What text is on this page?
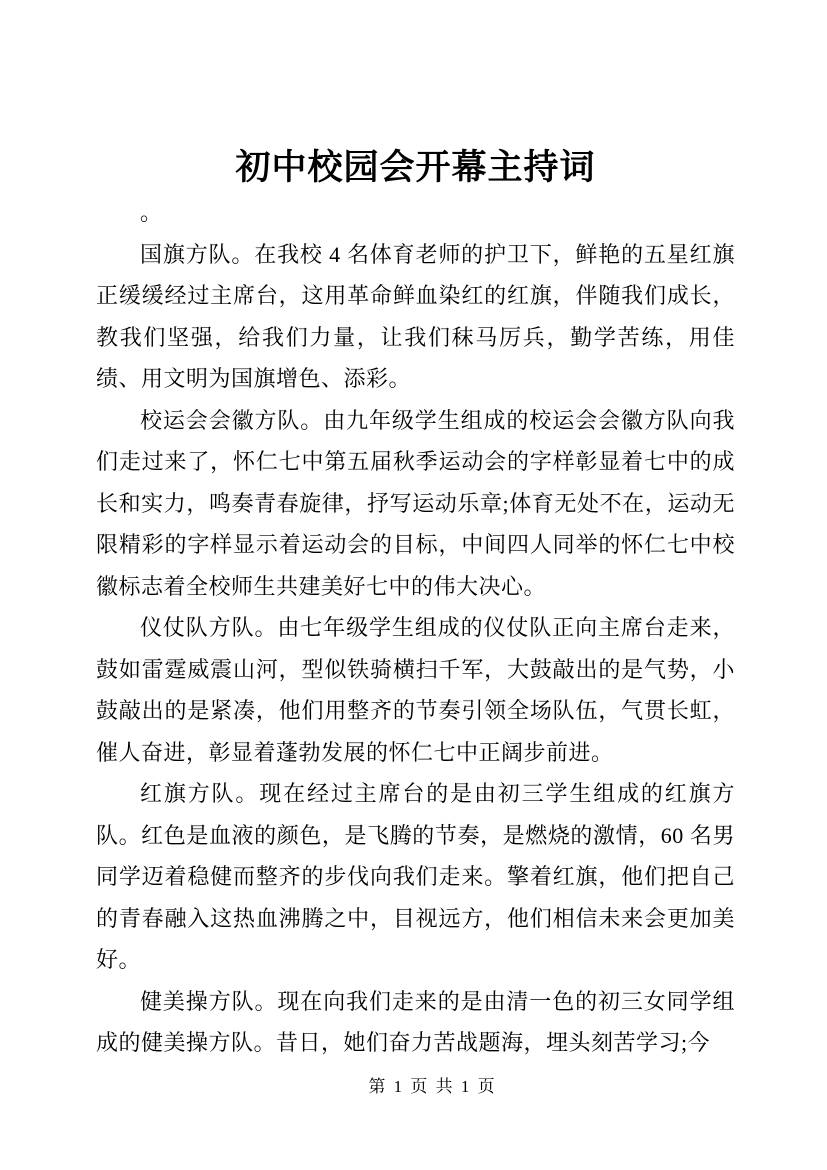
初中校园会开幕主持词

。

国旗方队。在我校 4 名体育老师的护卫下，鲜艳的五星红旗正缓缓经过主席台，这用革命鲜血染红的红旗，伴随我们成长，教我们坚强，给我们力量，让我们秣马厉兵，勤学苦练，用佳绩、用文明为国旗增色、添彩。

校运会会徽方队。由九年级学生组成的校运会会徽方队向我们走过来了，怀仁七中第五届秋季运动会的字样彰显着七中的成长和实力，鸣奏青春旋律，抒写运动乐章;体育无处不在，运动无限精彩的字样显示着运动会的目标，中间四人同举的怀仁七中校徽标志着全校师生共建美好七中的伟大决心。

仪仗队方队。由七年级学生组成的仪仗队正向主席台走来，鼓如雷霆威震山河，型似铁骑横扫千军，大鼓敲出的是气势，小鼓敲出的是紧凑，他们用整齐的节奏引领全场队伍，气贯长虹，催人奋进，彰显着蓬勃发展的怀仁七中正阔步前进。

红旗方队。现在经过主席台的是由初三学生组成的红旗方队。红色是血液的颜色，是飞腾的节奏，是燃烧的激情，60 名男同学迈着稳健而整齐的步伐向我们走来。擎着红旗，他们把自己的青春融入这热血沸腾之中，目视远方，他们相信未来会更加美好。

健美操方队。现在向我们走来的是由清一色的初三女同学组成的健美操方队。昔日，她们奋力苦战题海，埋头刻苦学习;今

第 1 页 共 1 页
